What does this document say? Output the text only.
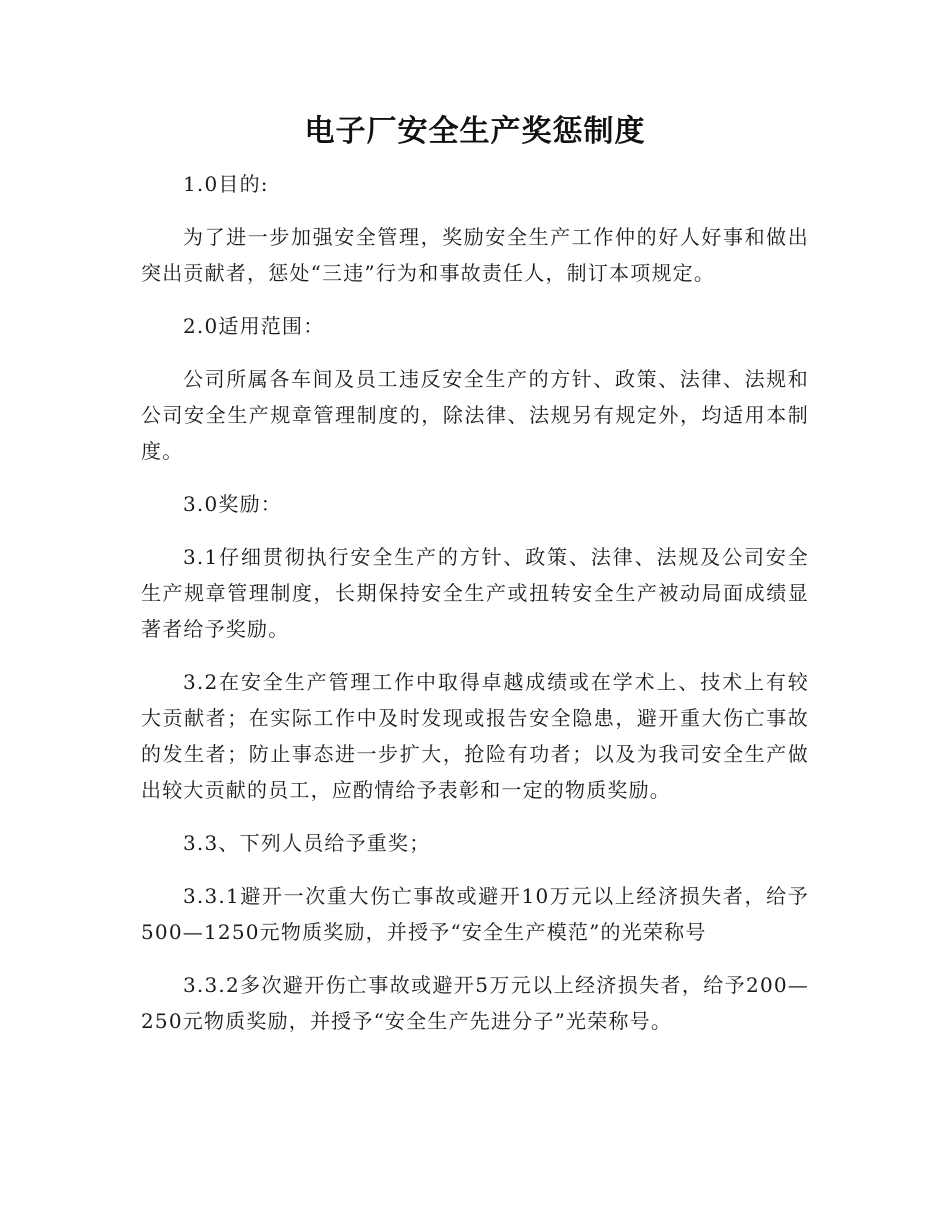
电子厂安全生产奖惩制度

1.0目的:

为了进一步加强安全管理，奖励安全生产工作仲的好人好事和做出突出贡献者，惩处“三违”行为和事故责任人，制订本项规定。

2.0适用范围：

公司所属各车间及员工违反安全生产的方针、政策、法律、法规和公司安全生产规章管理制度的，除法律、法规另有规定外，均适用本制度。

3.0奖励：

3.1仔细贯彻执行安全生产的方针、政策、法律、法规及公司安全生产规章管理制度，长期保持安全生产或扭转安全生产被动局面成绩显著者给予奖励。

3.2在安全生产管理工作中取得卓越成绩或在学术上、技术上有较大贡献者；在实际工作中及时发现或报告安全隐患，避开重大伤亡事故的发生者；防止事态进一步扩大，抢险有功者；以及为我司安全生产做出较大贡献的员工，应酌情给予表彰和一定的物质奖励。

3.3、下列人员给予重奖；

3.3.1避开一次重大伤亡事故或避开10万元以上经济损失者，给予500—1250元物质奖励，并授予“安全生产模范”的光荣称号

3.3.2多次避开伤亡事故或避开5万元以上经济损失者，给予200—250元物质奖励，并授予“安全生产先进分子”光荣称号。
